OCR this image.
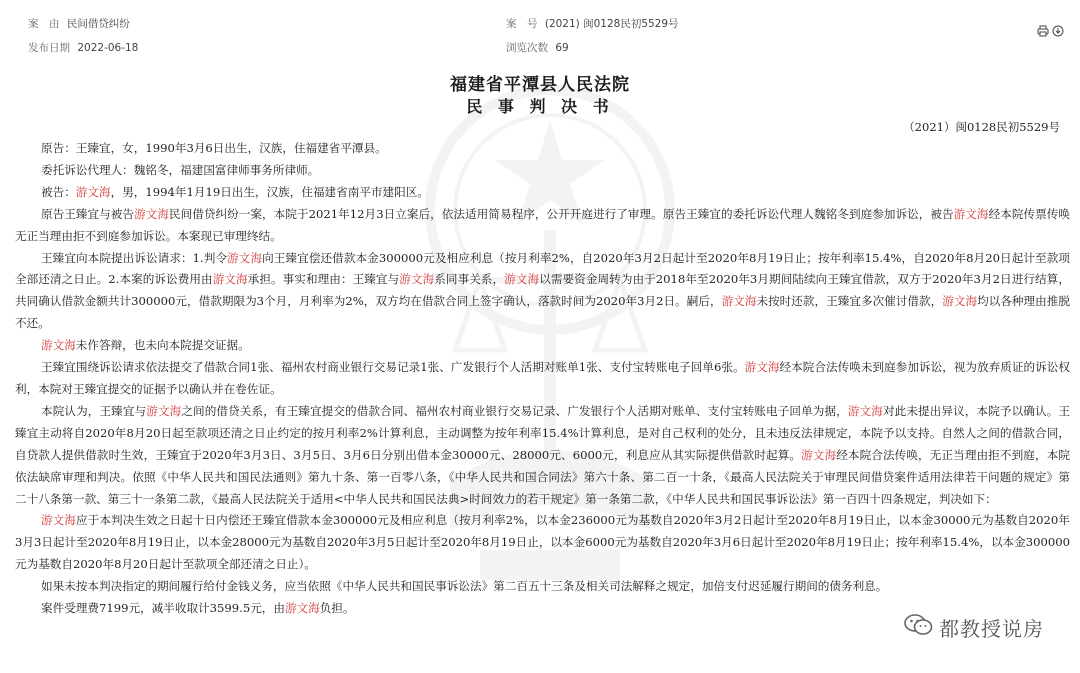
案　由 民间借贷纠纷
发布日期 2022-06-18
案　号 (2021) 闽0128民初5529号
浏览次数 69
福建省平潭县人民法院
民 事 判 决 书
（2021）闽0128民初5529号

原告：王臻宜，女，1990年3月6日出生，汉族，住福建省平潭县。

委托诉讼代理人：魏铭冬，福建国富律师事务所律师。

被告：游文海，男，1994年1月19日出生，汉族，住福建省南平市建阳区。

原告王臻宜与被告游文海民间借贷纠纷一案，本院于2021年12月3日立案后，依法适用简易程序，公开开庭进行了审理。原告王臻宜的委托诉讼代理人魏铭冬到庭参加诉讼，被告游文海经本院传票传唤无正当理由拒不到庭参加诉讼。本案现已审理终结。

王臻宜向本院提出诉讼请求：1.判令游文海向王臻宜偿还借款本金300000元及相应利息（按月利率2%，自2020年3月2日起计至2020年8月19日止；按年利率15.4%，自2020年8月20日起计至款项全部还清之日止。2.本案的诉讼费用由游文海承担。事实和理由：王臻宜与游文海系同事关系，游文海以需要资金周转为由于2018年至2020年3月期间陆续向王臻宜借款，双方于2020年3月2日进行结算，共同确认借款金额共计300000元，借款期限为3个月，月利率为2%，双方均在借款合同上签字确认，落款时间为2020年3月2日。嗣后，游文海未按时还款，王臻宜多次催讨借款，游文海均以各种理由推脱不还。

游文海未作答辩，也未向本院提交证据。

王臻宜围绕诉讼请求依法提交了借款合同1张、福州农村商业银行交易记录1张、广发银行个人活期对账单1张、支付宝转账电子回单6张。游文海经本院合法传唤未到庭参加诉讼，视为放弃质证的诉讼权利，本院对王臻宜提交的证据予以确认并在卷佐证。

本院认为，王臻宜与游文海之间的借贷关系，有王臻宜提交的借款合同、福州农村商业银行交易记录、广发银行个人活期对账单、支付宝转账电子回单为据，游文海对此未提出异议，本院予以确认。王臻宜主动将自2020年8月20日起至款项还清之日止约定的按月利率2%计算利息，主动调整为按年利率15.4%计算利息，是对自己权利的处分，且未违反法律规定，本院予以支持。自然人之间的借款合同，自贷款人提供借款时生效，王臻宜于2020年3月3日、3月5日、3月6日分别出借本金30000元、28000元、6000元，利息应从其实际提供借款时起算。游文海经本院合法传唤，无正当理由拒不到庭，本院依法缺席审理和判决。依照《中华人民共和国民法通则》第九十条、第一百零八条，《中华人民共和国合同法》第六十条、第二百一十条，《最高人民法院关于审理民间借贷案件适用法律若干问题的规定》第二十八条第一款、第三十一条第二款，《最高人民法院关于适用<中华人民共和国民法典>时间效力的若干规定》第一条第二款，《中华人民共和国民事诉讼法》第一百四十四条规定，判决如下：

游文海应于本判决生效之日起十日内偿还王臻宜借款本金300000元及相应利息（按月利率2%，以本金236000元为基数自2020年3月2日起计至2020年8月19日止，以本金30000元为基数自2020年3月3日起计至2020年8月19日止，以本金28000元为基数自2020年3月5日起计至2020年8月19日止，以本金6000元为基数自2020年3月6日起计至2020年8月19日止；按年利率15.4%，以本金300000元为基数自2020年8月20日起计至款项全部还清之日止）。

如果未按本判决指定的期间履行给付金钱义务，应当依照《中华人民共和国民事诉讼法》第二百五十三条及相关司法解释之规定，加倍支付迟延履行期间的债务利息。

案件受理费7199元，减半收取计3599.5元，由游文海负担。

都教授说房
